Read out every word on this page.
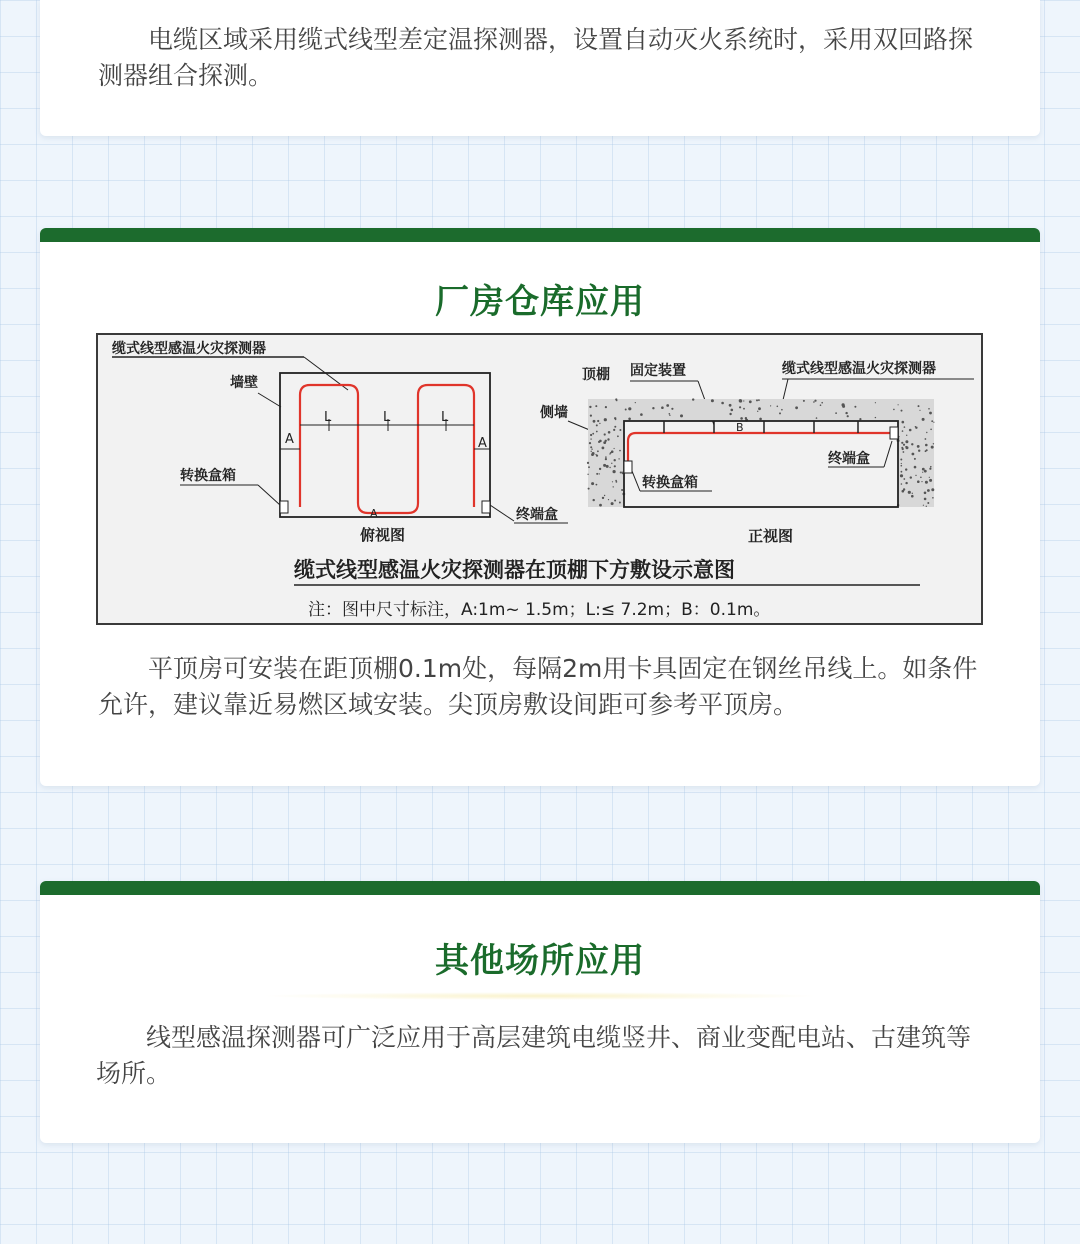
电缆区域采用缆式线型差定温探测器，设置自动灭火系统时，采用双回路探测器组合探测。

厂房仓库应用
缆式线型感温火灾探测器
墙壁
L	L	L
A	A
A
转换盒箱
终端盒
俯视图
顶棚 固定装置	缆式线型感温火灾探测器
侧墙
B
终端盒
转换盒箱
正视图
缆式线型感温火灾探测器在顶棚下方敷设示意图
注：图中尺寸标注，A:1m~ 1.5m；L:≤ 7.2m；B：0.1m。

平顶房可安装在距顶棚0.1m处，每隔2m用卡具固定在钢丝吊线上。如条件允许，建议靠近易燃区域安装。尖顶房敷设间距可参考平顶房。

其他场所应用

线型感温探测器可广泛应用于高层建筑电缆竖井、商业变配电站、古建筑等场所。
